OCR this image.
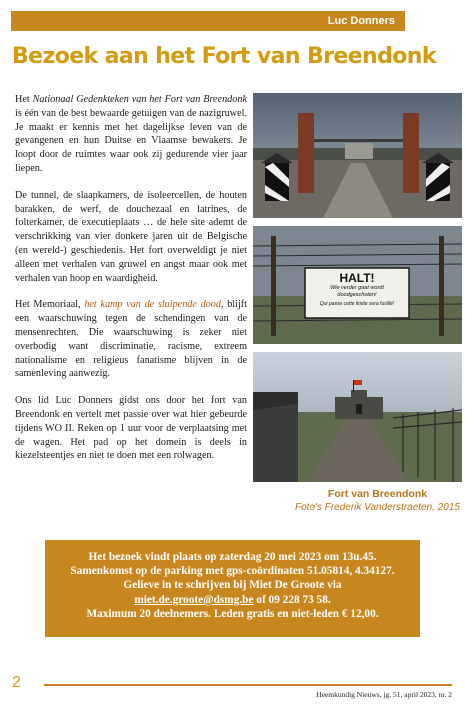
Luc Donners
Bezoek aan het Fort van Breendonk

Het Nationaal Gedenkteken van het Fort van Breendonk is één van de best bewaarde getuigen van de nazigruwel. Je maakt er kennis met het dagelijkse leven van de gevangenen en hun Duitse en Vlaamse bewakers. Je loopt door de ruimtes waar ook zij gedurende vier jaar liepen.

De tunnel, de slaapkamers, de isoleercellen, de houten barakken, de werf, de douchezaal en latrines, de folterkamer, de executieplaats … de hele site ademt de verschrikking van vier donkere jaren uit de Belgische (en wereld-) geschiedenis. Het fort overweldigt je niet alleen met verhalen van gruwel en angst maar ook met verhalen van hoop en waardigheid.

Het Memoriaal, het kamp van de sluipende dood, blijft een waarschuwing tegen de schendingen van de mensenrechten. Die waarschuwing is zeker niet overbodig want discriminatie, racisme, extreem nationalisme en religieus fanatisme blijven in de samenleving aanwezig.

Ons lid Luc Donners gidst ons door het fort van Breendonk en vertelt met passie over wat hier gebeurde tijdens WO II. Reken op 1 uur voor de verplaatsing met de wagen. Het pad op het domein is deels in kiezelsteentjes en niet te doen met een rolwagen.

HALT!
Wie verder gaat wordt
doodgeschoten!
Qui passe cette limite sera fusillé!
Fort van Breendonk
Foto's Frederik Vanderstraeten, 2015
Het bezoek vindt plaats op zaterdag 20 mei 2023 om 13u.45.
Samenkomst op de parking met gps-coördinaten 51.05814, 4.34127.
Gelieve in te schrijven bij Miet De Groote via
miet.de.groote@dsmg.be of 09 228 73 58.
Maximum 20 deelnemers. Leden gratis en niet-leden € 12,00.
2
Heemkundig Nieuws, jg. 51, april 2023, nr. 2
